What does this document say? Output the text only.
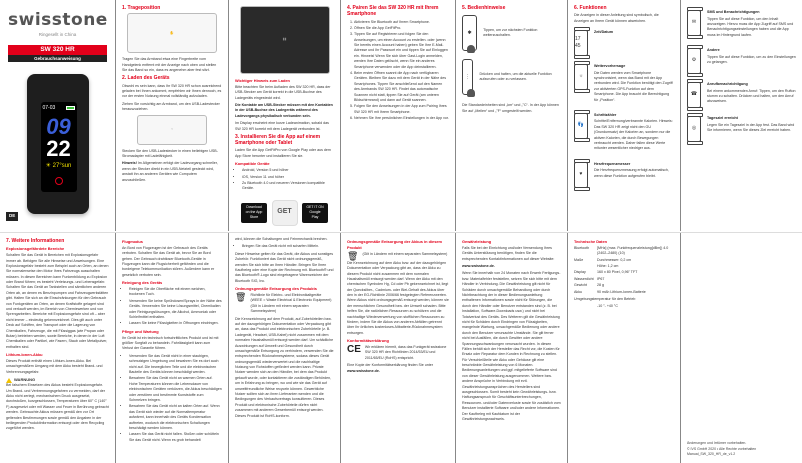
swisstone
Ringesellt in China
SW 320 HR
Gebrauchsanweisung
07-03
09
22
☀ 27°sun
DE
1. Trageposition
✋

Tragen Sie das Armband etwa eine Fingerbreite vom Handgelenk entfernt mit der Anzeige nach oben und stellen Sie das Band so ein, dass es angenehm aber fest sitzt.

2. Laden des Geräts

Obwohl es sein kann, dass Ihr SW 320 HR schon ausreichend geladen bei Ihnen ankommt, empfehlen wir Ihnen dennoch, es vor der ersten Nutzung einmal vollständig aufzuladen.

Ziehen Sie vorsichtig am Armband, um den USB-Ladestecker herauszuziehen.

⌁

Stecken Sie den USB-Ladestecker in einen beliebigen USB-Stromadapter mit Ladefähigkeit.

Hinweis! Im Allgemeinen erfolgt der Ladevorgang schneller, wenn der Stecker direkt in ein USB-Netzteil gesteckt wird, anstatt ihn an anderen Geräten wie Computern anzuschließen.

▮▮
Wichtiger Hinweis zum Laden

Bitte beachten Sie beim Aufladen des SW 320 HR, dass der USB-Stecker am Gerät korrekt in die USB-Buchse des Ladegeräts eingesteckt wird.

Die Kontakte am USB-Stecker müssen mit den Kontakten in der USB-Buchse des Ladegeräts während des Ladevorgangs physikalisch verbunden sein.

Im Display erscheint eine kurze Ladeanimation, sobald das SW 320 HR korrekt mit dem Ladegerät verbunden ist.

3. Installieren Sie die App auf einem Smartphone oder Tablet

Laden Sie die App GetFitPro von Google Play oder aus dem App Store herunter und installieren Sie sie.

Kompatible Geräte
• Android, Version 5 und höher
• iOS, Version 11 und höher
• Zu Bluetooth 4.0 und neueren Versionen kompatible Geräte.
Download on the App Store
GET
GET IT ON Google Play
4. Pairen Sie das SW 320 HR mit Ihrem Smartphone
1. Aktivieren Sie Bluetooth auf Ihrem Smartphone.
2. Öffnen Sie die App GetFitPro.
3. Tippen Sie auf Registrieren und folgen Sie den Anweisungen, um einen Account zu erstellen. oder (wenn Sie bereits einen Account haben) geben Sie Ihre E-Mail-Adresse und Ihr Passwort ein und tippen Sie auf Einloggen ein. Hinweis! Wenn Sie sich über Gast-Login anmelden, werden Ihre Daten gelöscht, wenn Sie ein anderes Smartphone verwenden oder die App deinstallieren.
4. Beim ersten Öffnen scannt die App nach verfügbaren Geräten. Bleiben Sie dazu mit dem Gerät in der Nähe des Smartphones. Tippen Sie anschließend auf den Namen des Armbands SW 320 HR. Findet das automatische Scannen nicht statt, tippen Sie auf Gerät (am unteren Bildschirmrand) und dann auf Gerät scannen.
5. Folgen Sie den Anweisungen in der App zum Pairing Ihres SW 320 HR mit Ihrem Smartphone.
6. Nehmen Sie Ihre persönlichen Einstellungen in der App vor.
5. Bedienhinweise
✱	Tippen, um zur nächsten Funktion weiterzuschalten.
⋮	Drücken und halten, um die aktuelle Funktion aufzurufen oder zu verlassen.

Die Standardeinheiten sind „km“ und „°C“. In der App können Sie auf „Meilen“ und „°F“ umgestellt werden.

6. Funktionen

Die Anzeigen in dieser Anleitung sind symbolisch, die Anzeigen an Ihrem Gerät können abweichen.

17 45
Zeit/Datum
☼
Wettervorhersage

Die Daten werden vom Smartphone synchronisiert, wenn das Band mit der App verbunden wird. Die Funktion benötigt den Zugriff zur aktivierten GPS-Funktion auf dem Smartphone. Die App braucht die Berechtigung für „Position“.

👣
Schrittzähler

Schritte/Entfernung/verbrannte Kalorien. Hinweis: Das SW 320 HR zeigt nicht den GU (Grundumsatz) der Kalorien an, sondern nur die aktiven Kalorien, die durch Bewegungen verbraucht werden. Daher fallen diese Werte mitunter wesentlicher niedriger aus.

♥
Herzfrequenzmesser

Die Herzfrequenzmessung erfolgt automatisch, wenn diese Funktion aufgerufen bleibt.

✉
SMS und Benachrichtigungen

Tippen Sie auf diese Funktion, um den Inhalt anzuzeigen. Hierzu muss die App Zugriff auf SMS und Benachrichtigungseinstellungen haben und die App muss im Hintergrund laufen.

⚙
Andere

Tippen Sie auf diese Funktion, um zu den Einstellungen zu gelangen.

☎
Anrufbenachrichtigung

Bei einem ankommenden Anruf: Tippen, um den Rufton stumm zu schalten. Drücken und halten, um den Anruf abzuweisen.

◎
Tagesziel erreicht

Legen Sie ein Tagesziel in der App fest. Das Band wird Sie informieren, wenn Sie dieses Ziel erreicht haben.

7. Weitere Informationen
Explosionsgefährdete Bereiche

Schalten Sie das Gerät in Bereichen mit Explosionsgefahr immer ab. Befolgen Sie alle Hinweise und Anweisungen. Eine Explosionsgefahr besteht zum Beispiel auch an Orten, an denen Sie normalerweise den Motor Ihres Fahrzeugs ausschalten müssen. In diesen Bereichen kann Funkenbildung zu Explosion oder Brand führen; es besteht Verletzungs- und Lebensgefahr. Schalten Sie das Gerät an Tankstellen und sämtlichen anderen Orten ab, an denen es Benzinpumpen und Fahrzeugwerkstätten gibt. Halten Sie sich an die Einschränkungen für den Gebrauch von Funkgeräten an Orten, an denen Kraftstoffe gelagert sind und verkauft werden, im Bereich von Chemiewerken und von Sprengarbeiten. Bereiche mit Explosionsgefahr sind oft – aber nicht immer – eindeutig gekennzeichnet. Dies gilt auch unter Deck auf Schiffen, den Transport oder die Lagerung von Chemikalien, Fahrzeuge, die mit Flüssiggas (wie Propan oder Butan) betrieben werden, sowie Bereiche, in denen in der Luft Chemikalien oder Partikel, wie Fasern, Staub oder Metallpulver, enthalten sind.

Lithium-Ionen-Akku

Dieses Produkt enthält einen Lithium-Ionen-Akku. Bei unsachgemäßem Umgang mit dem Akku besteht Brand- und Verbrennungsgefahr.

WARNUNG

Bei falschem Einsetzen des Akkus besteht Explosionsgefahr. Um Brand- und Verbrennungsgefahren zu vermeiden, darf der Akku nicht zerlegt, mechanischem Druck ausgesetzt, durchstoßen, kurzgeschlossen, Temperaturen über 60° C (140° F) ausgesetzt oder mit Wasser und Feuer in Berührung gebracht werden. Gebrauchte Akkus müssen gemäß den vor Ort geltenden Bestimmungen sowie gemäß den Angaben in der beiliegenden Produktinformation entsorgt oder dem Recycling zugeführt werden.

Flugmodus

An Bord von Flugzeugen ist der Gebrauch des Geräts verboten. Schalten Sie das Gerät ab, bevor Sie an Bord gehen. Der Gebrauch drahtloser Bluetooth-Geräte in Flugzeugen kann die Flugsicherheit gefährden und die bordeigene Telekommunikation stören. Außerdem kann er gesetzlich verboten sein.

Reinigung des Geräts
• Reinigen Sie die Oberfläche mit einem weichen, trockenen Tuch.
• Verwenden Sie keine Sprühdosen/Sprays in der Nähe des Geräts. Verwenden Sie keine Lösungsmittel, Chemikalien oder Reinigungslösungen, die Alkohol, Ammoniak oder Schleifmittel enthalten.
• Lassen Sie keine Flüssigkeiten in Öffnungen eindringen.
Pflege und Wartung

Ihr Gerät ist ein technisch fortschrittliches Produkt und ist mit größter Sorgfalt zu behandeln. Fahrlässigkeit kann zum Verlust der Garantie führen.

• Verwenden Sie das Gerät nicht in einer staubigen, schmutzigen Umgebung und bewahren Sie es dort auch nicht auf. Die beweglichen Teile und die elektronischen Bauteile des Geräts können beschädigt werden.
• Bewahren Sie das Gerät nicht an warmen Orten auf. Hohe Temperaturen können die Lebensdauer von elektronischen Geräten verkürzen, die Akkus beschädigen oder zerstören und bestimmte Kunststoffe zum Schmelzen bringen.
• Bewahren Sie das Gerät nicht an kalten Orten auf. Wenn das Gerät sich wieder auf die Normaltemperatur aufwärmt, kann innerhalb des Geräts Kondensation auftreten, wodurch die elektronischen Schaltungen beschädigt werden können.
• Lassen Sie das Gerät nicht fallen. Stoßen oder schütteln Sie das Gerät nicht. Wenn es grob behandelt

wird, können die Schaltungen und Feinmechanik brechen.

• Bringen Sie das Gerät nicht mit scharfen Mitteln.

Diese Hinweise gelten für das Gerät, die Akkus und sonstiges Zubehör. Funktioniert das Gerät nicht ordnungsgemäß, wenden Sie sich bitte an Ihren Händler. Bringen Sie Ihren Kaufbeleg oder eine Kopie der Rechnung mit. Bluetooth® und das Bluetooth®-Logo sind eingetragene Warenzeichen der Bluetooth SIG, Inc.

Ordnungsgemäße Entsorgung des Produkts
🗑 Richtlinie für Elektro- und Elektronikaltgeräte (WEEE = Waste Electrical & Electronic Equipment) (Gilt in Ländern mit einem separaten Sammelsystem)

Die Kennzeichnung auf dem Produkt, auf Zubehörteilen bzw. auf der dazugehörigen Dokumentation oder Verpackung gibt an, dass das Produkt und elektronischen Zubehörteile (z. B. Ladegerät, Headset, USB-Kabel) nicht zusammen mit dem normalen Haushaltsmüll entsorgt werden darf. Um schädliche Auswirkungen auf Umwelt und Gesundheit durch unsachgemäße Entsorgung zu verhindern, verwenden Sie die entsprechenden Rücknahmesysteme, sodass dieses Gerät ordnungsgemäß wiederverwertet und die nachhaltige Nutzung von Rohstoffen gefördert werden kann. Private Nutzer wenden sich an den Händler, bei dem das Produkt gekauft wurde, oder kontaktieren die zuständigen Behörden, um in Erfahrung zu bringen, wo und wie sie das Gerät auf umweltfreundliche Weise recyceln können. Gewerbliche Nutzer sollten sich an ihren Lieferanten wenden und die Bedingungen des Verkaufsvertrags konsultieren. Dieses Produkt und elektronische Zubehörteile dürfen nicht zusammen mit anderem Gewerbemüll entsorgt werden. Dieses Produkt ist RoHS-konform.

Ordnungsgemäße Entsorgung der Akkus in diesem Produkt
🗑 (Gilt in Ländern mit einem separaten Sammelsystem)

Die Kennzeichnung auf dem Akku bzw. auf der dazugehörigen Dokumentation oder Verpackung gibt an, dass der Akku zu diesem Produkt nicht zusammen mit dem normalen Haushaltsmüll entsorgt werden darf. Wenn der Akku mit den chemischen Symbolen Hg, Cd oder Pb gekennzeichnet ist, liegt der Quecksilber-, Cadmium- oder Blei-Gehalt des Akkus über den in der EG-Richtlinie 2006/66 festgelegten Referenzwerten. Wenn Akkus nicht ordnungsgemäß entsorgt werden, können sie der menschlichen Gesundheit bzw. der Umwelt schaden. Bitte helfen Sie, die natürlichen Ressourcen zu schützen und die nachhaltige Wiederverwertung von stofflichen Ressourcen zu fördern, indem Sie die Akkus von anderen Abfällen getrennt über Ihr örtliches kostenloses Altbatterie-Rücknahmesystem entsorgen.

Konformitätserklärung
CE Wir erklären hiermit, dass das Funkgerät swisstone SW 320 HR den Richtlinien 2014/53/EU und 2011/65/EU (RoHS) entspricht.

Eine Kopie der Konformitätserklärung finden Sie unter www.swisstone.de.

Gewährleistung

Falls Sie bei der Einrichtung und/oder Verwendung Ihres Geräts Unterstützung benötigen, finden Sie die entsprechenden Kontaktinformationen auf dieser Website:

www.swisstone.de.

Wenn Sie innerhalb von 24 Monaten nach Erwerb Fertigungs- bzw. Materialfehler feststellen, setzen Sie sich bitte mit dem Händler in Verbindung. Die Gewährleistung gilt nicht für Schäden durch unsachgemäße Behandlung oder durch Nichtbeachtung der in dieser Bedienungsanleitung enthaltenen Informationen sowie nicht für Störungen, die durch den Händler oder Benutzer entstanden sind (z. B. bei Installation, Software-Downloads usw.) und nicht bei Totalverlust des Geräts. Des Weiteren gilt die Gewährleistung nicht für Schäden durch Eindringen von Flüssigkeiten, mangelnde Wartung, unsachgemäße Bedienung oder andere durch den Benutzer verursachte Umstände. Sie gilt ferner nicht bei Ausfällen, die durch Gewitter oder andere Spannungsschwankungen verursacht wurden. In diesen Fällen behält sich der Hersteller das Recht vor, die Kosten für Ersatz oder Reparatur dem Kunden in Rechnung zu stellen. Für Verschleißteile wie Akku oder Gehäuse gilt eine beschränkte Gewährleistung von 6 Monaten. Bedienungsanleitungen und ggf. mitgelieferte Software sind von dieser Gewährleistung ausgenommen. Weitere bzw. andere Ansprüche in Verbindung mit evtl. Gewährleistungsansprüchen des Herstellers sind ausgeschlossen. Somit besteht kein Gewährleistungs- bzw. Haftungsanspruch für Geschäftsunterbrechungen, Ressourcen- und/oder Datenverluste sowie für zusätzlich vom Benutzer installierte Software und/oder andere Informationen. Der Kaufbeleg mit Kaufdatum ist der Gewährleistungsnachweis.

Technische Daten
Bluetooth	[MHz] (max. Funkfrequenzleistung[dBm]) 4.0 (2402–2480) (10)
Maße	Durchmesser: 0,2 cm
Höhe: 1,2 cm
Display	160 x 80 Pixel, 0,96" TFT
Wasserdicht IP67
Gewicht	28 g
Akku	90 mAh Lithium-Ionen-Batterie

Umgebungstemperatur für den Betrieb

-10 °- +40 °C

Änderungen und Irrtümer vorbehalten.
© IVS GmbH 2020 • Alle Rechte vorbehalten
Manual_SW_320_HR_de_v1.2
